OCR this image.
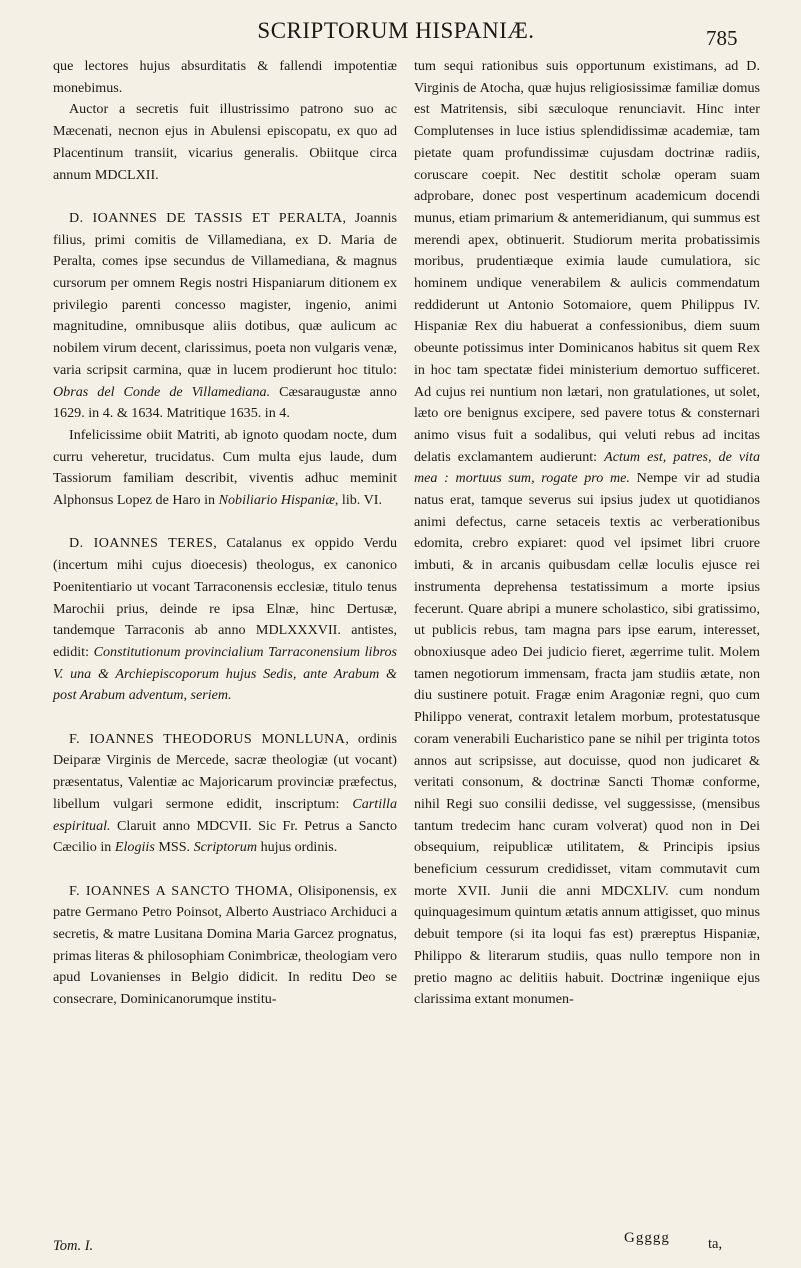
SCRIPTORUM HISPANIÆ.	785

que lectores hujus absurditatis & fallendi impotentiæ monebimus.

Auctor a secretis fuit illustrissimo patrono suo ac Mæcenati, necnon ejus in Abulensi episcopatu, ex quo ad Placentinum transiit, vicarius generalis. Obiitque circa annum MDCLXII.

D. IOANNES DE TASSIS ET PERALTA, Joannis filius, primi comitis de Villamediana, ex D. Maria de Peralta, comes ipse secundus de Villamediana, & magnus cursorum per omnem Regis nostri Hispaniarum ditionem ex privilegio parenti concesso magister, ingenio, animi magnitudine, omnibusque aliis dotibus, quæ aulicum ac nobilem virum decent, clarissimus, poeta non vulgaris venæ, varia scripsit carmina, quæ in lucem prodierunt hoc titulo: Obras del Conde de Villamediana. Cæsaraugustæ anno 1629. in 4. & 1634. Matritique 1635. in 4.

Infelicissime obiit Matriti, ab ignoto quodam nocte, dum curru veheretur, trucidatus. Cum multa ejus laude, dum Tassiorum familiam describit, viventis adhuc meminit Alphonsus Lopez de Haro in Nobiliario Hispaniæ, lib. VI.

D. IOANNES TERES, Catalanus ex oppido Verdu (incertum mihi cujus dioecesis) theologus, ex canonico Poenitentiario ut vocant Tarraconensis ecclesiæ, titulo tenus Marochii prius, deinde re ipsa Elnæ, hinc Dertusæ, tandemque Tarraconis ab anno MDLXXXVII. antistes, edidit: Constitutionum provincialium Tarraconensium libros V. una & Archiepiscoporum hujus Sedis, ante Arabum & post Arabum adventum, seriem.

F. IOANNES THEODORUS MONLLUNA, ordinis Deiparæ Virginis de Mercede, sacræ theologiæ (ut vocant) præsentatus, Valentiæ ac Majoricarum provinciæ præfectus, libellum vulgari sermone edidit, inscriptum: Cartilla espiritual. Claruit anno MDCVII. Sic Fr. Petrus a Sancto Cæcilio in Elogiis MSS. Scriptorum hujus ordinis.

F. IOANNES A SANCTO THOMA, Olisiponensis, ex patre Germano Petro Poinsot, Alberto Austriaco Archiduci a secretis, & matre Lusitana Domina Maria Garcez prognatus, primas literas & philosophiam Conimbricæ, theologiam vero apud Lovanienses in Belgio didicit. In reditu Deo se consecrare, Dominicanorumque institu-

tum sequi rationibus suis opportunum existimans, ad D. Virginis de Atocha, quæ hujus religiosissimæ familiæ domus est Matritensis, sibi sæculoque renunciavit. Hinc inter Complutenses in luce istius splendidissimæ academiæ, tam pietate quam profundissimæ cujusdam doctrinæ radiis, coruscare coepit. Nec destitit scholæ operam suam adprobare, donec post vespertinum academicum docendi munus, etiam primarium & antemeridianum, qui summus est merendi apex, obtinuerit. Studiorum merita probatissimis moribus, prudentiæque eximia laude cumulatiora, sic hominem undique venerabilem & aulicis commendatum reddiderunt ut Antonio Sotomaiore, quem Philippus IV. Hispaniæ Rex diu habuerat a confessionibus, diem suum obeunte potissimus inter Dominicanos habitus sit quem Rex in hoc tam spectatæ fidei ministerium demortuo sufficeret. Ad cujus rei nuntium non lætari, non gratulationes, ut solet, læto ore benignus excipere, sed pavere totus & consternari animo visus fuit a sodalibus, qui veluti rebus ad incitas delatis exclamantem audierunt: Actum est, patres, de vita mea : mortuus sum, rogate pro me. Nempe vir ad studia natus erat, tamque severus sui ipsius judex ut quotidianos animi defectus, carne setaceis textis ac verberationibus edomita, crebro expiaret: quod vel ipsimet libri cruore imbuti, & in arcanis quibusdam cellæ loculis ejusce rei instrumenta deprehensa testatissimum a morte ipsius fecerunt. Quare abripi a munere scholastico, sibi gratissimo, ut publicis rebus, tam magna pars ipse earum, interesset, obnoxiusque adeo Dei judicio fieret, ægerrime tulit. Molem tamen negotiorum immensam, fracta jam studiis ætate, non diu sustinere potuit. Fragæ enim Aragoniæ regni, quo cum Philippo venerat, contraxit letalem morbum, protestatusque coram venerabili Eucharistico pane se nihil per triginta totos annos aut scripsisse, aut docuisse, quod non judicaret & veritati consonum, & doctrinæ Sancti Thomæ conforme, nihil Regi suo consilii dedisse, vel suggessisse, (mensibus tantum tredecim hanc curam volverat) quod non in Dei obsequium, reipublicæ utilitatem, & Principis ipsius beneficium cessurum credidisset, vitam commutavit cum morte XVII. Junii die anni MDCXLIV. cum nondum quinquagesimum quintum ætatis annum attigisset, quo minus debuit tempore (si ita loqui fas est) præreptus Hispaniæ, Philippo & literarum studiis, quas nullo tempore non in pretio magno ac delitiis habuit. Doctrinæ ingeniique ejus clarissima extant monumen-

Tom. I.	Ggggg	ta,
